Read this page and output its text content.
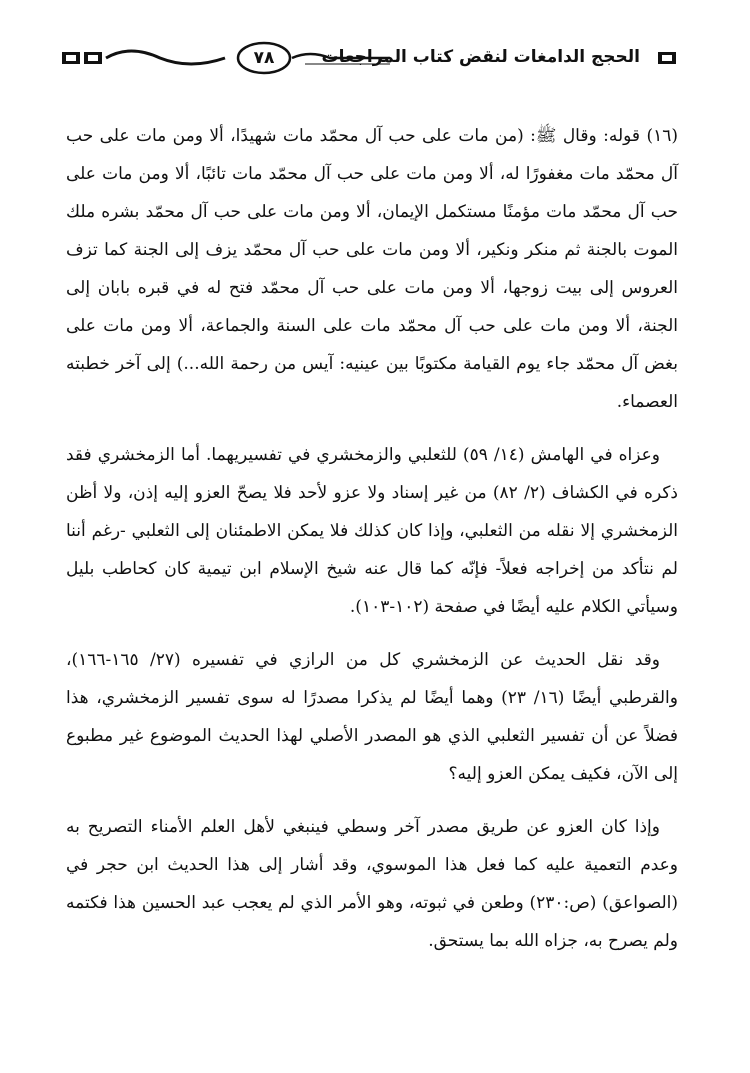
٧٨	الحجج الدامغات لنقض كتاب المراجعات

(١٦) قوله: وقال ﷺ: (من مات على حب آل محمّد مات شهيدًا، ألا ومن مات على حب آل محمّد مات مغفورًا له، ألا ومن مات على حب آل محمّد مات تائبًا، ألا ومن مات على حب آل محمّد مات مؤمنًا مستكمل الإيمان، ألا ومن مات على حب آل محمّد بشره ملك الموت بالجنة ثم منكر ونكير، ألا ومن مات على حب آل محمّد يزف إلى الجنة كما تزف العروس إلى بيت زوجها، ألا ومن مات على حب آل محمّد فتح له في قبره بابان إلى الجنة، ألا ومن مات على حب آل محمّد مات على السنة والجماعة، ألا ومن مات على بغض آل محمّد جاء يوم القيامة مكتوبًا بين عينيه: آيس من رحمة الله...) إلى آخر خطبته العصماء.

وعزاه في الهامش (١٤/ ٥٩) للثعلبي والزمخشري في تفسيريهما. أما الزمخشري فقد ذكره في الكشاف (٢/ ٨٢) من غير إسناد ولا عزو لأحد فلا يصحّ العزو إليه إذن، ولا أظن الزمخشري إلا نقله من الثعلبي، وإذا كان كذلك فلا يمكن الاطمئنان إلى الثعلبي -رغم أننا لم نتأكد من إخراجه فعلاً- فإنّه كما قال عنه شيخ الإسلام ابن تيمية كان كحاطب بليل وسيأتي الكلام عليه أيضًا في صفحة (١٠٢-١٠٣).

وقد نقل الحديث عن الزمخشري كل من الرازي في تفسيره (٢٧/ ١٦٥-١٦٦)، والقرطبي أيضًا (١٦/ ٢٣) وهما أيضًا لم يذكرا مصدرًا له سوى تفسير الزمخشري، هذا فضلاً عن أن تفسير الثعلبي الذي هو المصدر الأصلي لهذا الحديث الموضوع غير مطبوع إلى الآن، فكيف يمكن العزو إليه؟

وإذا كان العزو عن طريق مصدر آخر وسطي فينبغي لأهل العلم الأمناء التصريح به وعدم التعمية عليه كما فعل هذا الموسوي، وقد أشار إلى هذا الحديث ابن حجر في (الصواعق) (ص:٢٣٠) وطعن في ثبوته، وهو الأمر الذي لم يعجب عبد الحسين هذا فكتمه ولم يصرح به، جزاه الله بما يستحق.
